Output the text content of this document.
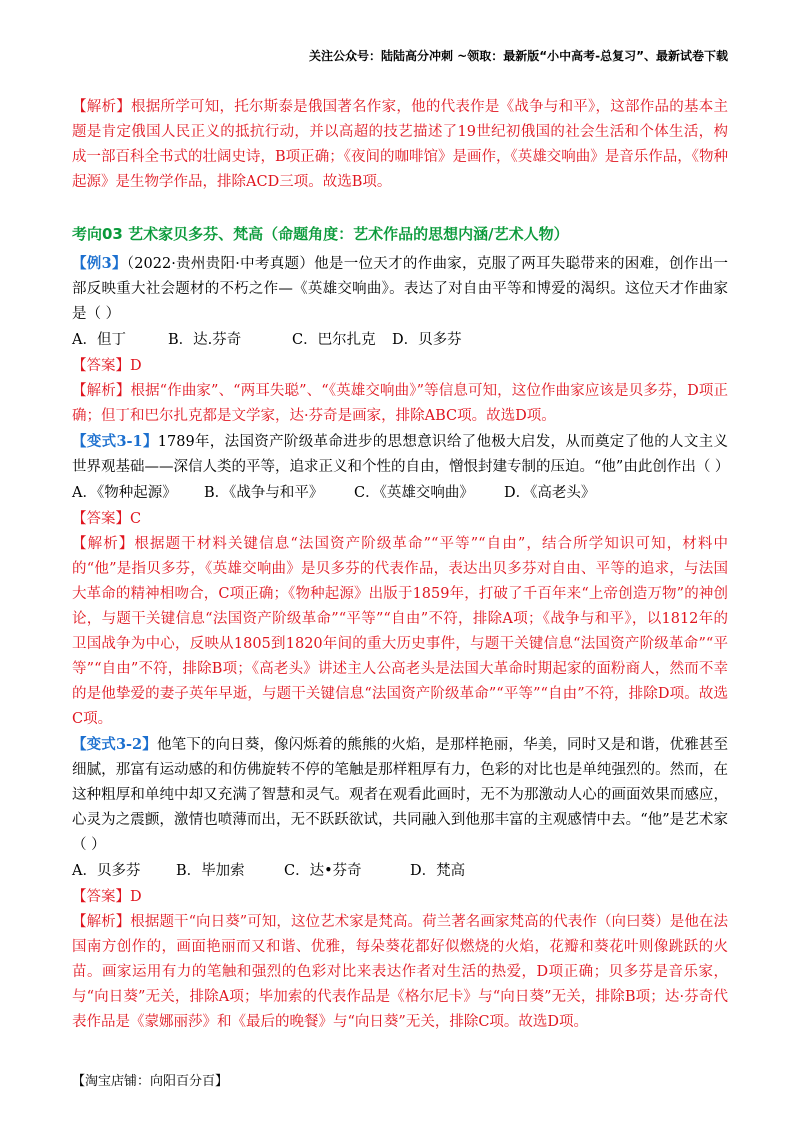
关注公众号：陆陆高分冲刺 ~领取：最新版“小中高考-总复习”、最新试卷下载

【解析】根据所学可知，托尔斯泰是俄国著名作家，他的代表作是《战争与和平》，这部作品的基本主题是肯定俄国人民正义的抵抗行动，并以高超的技艺描述了19世纪初俄国的社会生活和个体生活，构成一部百科全书式的壮阔史诗，B项正确；《夜间的咖啡馆》是画作，《英雄交响曲》是音乐作品，《物种起源》是生物学作品，排除ACD三项。故选B项。

考向03 艺术家贝多芬、梵高（命题角度：艺术作品的思想内涵/艺术人物）

【例3】（2022·贵州贵阳·中考真题）他是一位天才的作曲家，克服了两耳失聪带来的困难，创作出一部反映重大社会题材的不朽之作—《英雄交响曲》。表达了对自由平等和博爱的渴织。这位天才作曲家是（ ）

A．但丁	B．达.芬奇	C．巴尔扎克	D．贝多芬

【答案】D

【解析】根据“作曲家”、“两耳失聪”、“《英雄交响曲》”等信息可知，这位作曲家应该是贝多芬，D项正确；但丁和巴尔扎克都是文学家，达·芬奇是画家，排除ABC项。故选D项。

【变式3-1】1789年，法国资产阶级革命进步的思想意识给了他极大启发，从而奠定了他的人文主义世界观基础——深信人类的平等，追求正义和个性的自由，憎恨封建专制的压迫。“他”由此创作出（ ）

A．《物种起源》	B．《战争与和平》	C．《英雄交响曲》	D．《高老头》

【答案】C

【解析】根据题干材料关键信息“法国资产阶级革命”“平等”“自由”，结合所学知识可知，材料中的“他”是指贝多芬，《英雄交响曲》是贝多芬的代表作品，表达出贝多芬对自由、平等的追求，与法国大革命的精神相吻合，C项正确；《物种起源》出版于1859年，打破了千百年来“上帝创造万物”的神创论，与题干关键信息“法国资产阶级革命”“平等”“自由”不符，排除A项；《战争与和平》，以1812年的卫国战争为中心，反映从1805到1820年间的重大历史事件，与题干关键信息“法国资产阶级革命”“平等”“自由”不符，排除B项；《高老头》讲述主人公高老头是法国大革命时期起家的面粉商人，然而不幸的是他挚爱的妻子英年早逝，与题干关键信息“法国资产阶级革命”“平等”“自由”不符，排除D项。故选C项。

【变式3-2】他笔下的向日葵，像闪烁着的熊熊的火焰，是那样艳丽，华美，同时又是和谐，优雅甚至细腻，那富有运动感的和仿佛旋转不停的笔触是那样粗厚有力，色彩的对比也是单纯强烈的。然而，在这种粗厚和单纯中却又充满了智慧和灵气。观者在观看此画时，无不为那激动人心的画面效果而感应，心灵为之震颤，激情也喷薄而出，无不跃跃欲试，共同融入到他那丰富的主观感情中去。“他”是艺术家（ ）

A．贝多芬	B．毕加索	C．达•芬奇	D．梵高

【答案】D

【解析】根据题干“向日葵”可知，这位艺术家是梵高。荷兰著名画家梵高的代表作（向曰葵）是他在法国南方创作的，画面艳丽而又和谐、优雅，每朵葵花都好似燃烧的火焰，花瓣和葵花叶则像跳跃的火苗。画家运用有力的笔触和强烈的色彩对比来表达作者对生活的热爱，D项正确；贝多芬是音乐家，与“向日葵”无关，排除A项；毕加索的代表作品是《格尔尼卡》与“向日葵”无关，排除B项；达·芬奇代表作品是《蒙娜丽莎》和《最后的晚餐》与“向日葵”无关，排除C项。故选D项。

【淘宝店铺：向阳百分百】
